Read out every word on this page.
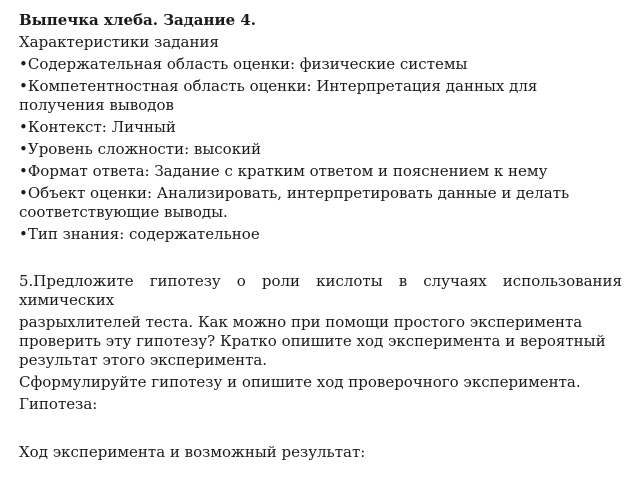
Выпечка хлеба. Задание 4.
Характеристики задания
•Содержательная область оценки: физические системы
•Компетентностная область оценки: Интерпретация данных для получения выводов
•Контекст: Личный
•Уровень сложности: высокий
•Формат ответа: Задание с кратким ответом и пояснением к нему
•Объект оценки: Анализировать, интерпретировать данные и делать соответствующие выводы.
•Тип знания: содержательное
5.Предложите гипотезу о роли кислоты в случаях использования химических
разрыхлителей теста. Как можно при помощи простого эксперимента проверить эту гипотезу? Кратко опишите ход эксперимента и вероятный результат этого эксперимента.
Сформулируйте гипотезу и опишите ход проверочного эксперимента.
Гипотеза:
Ход эксперимента и возможный результат:
